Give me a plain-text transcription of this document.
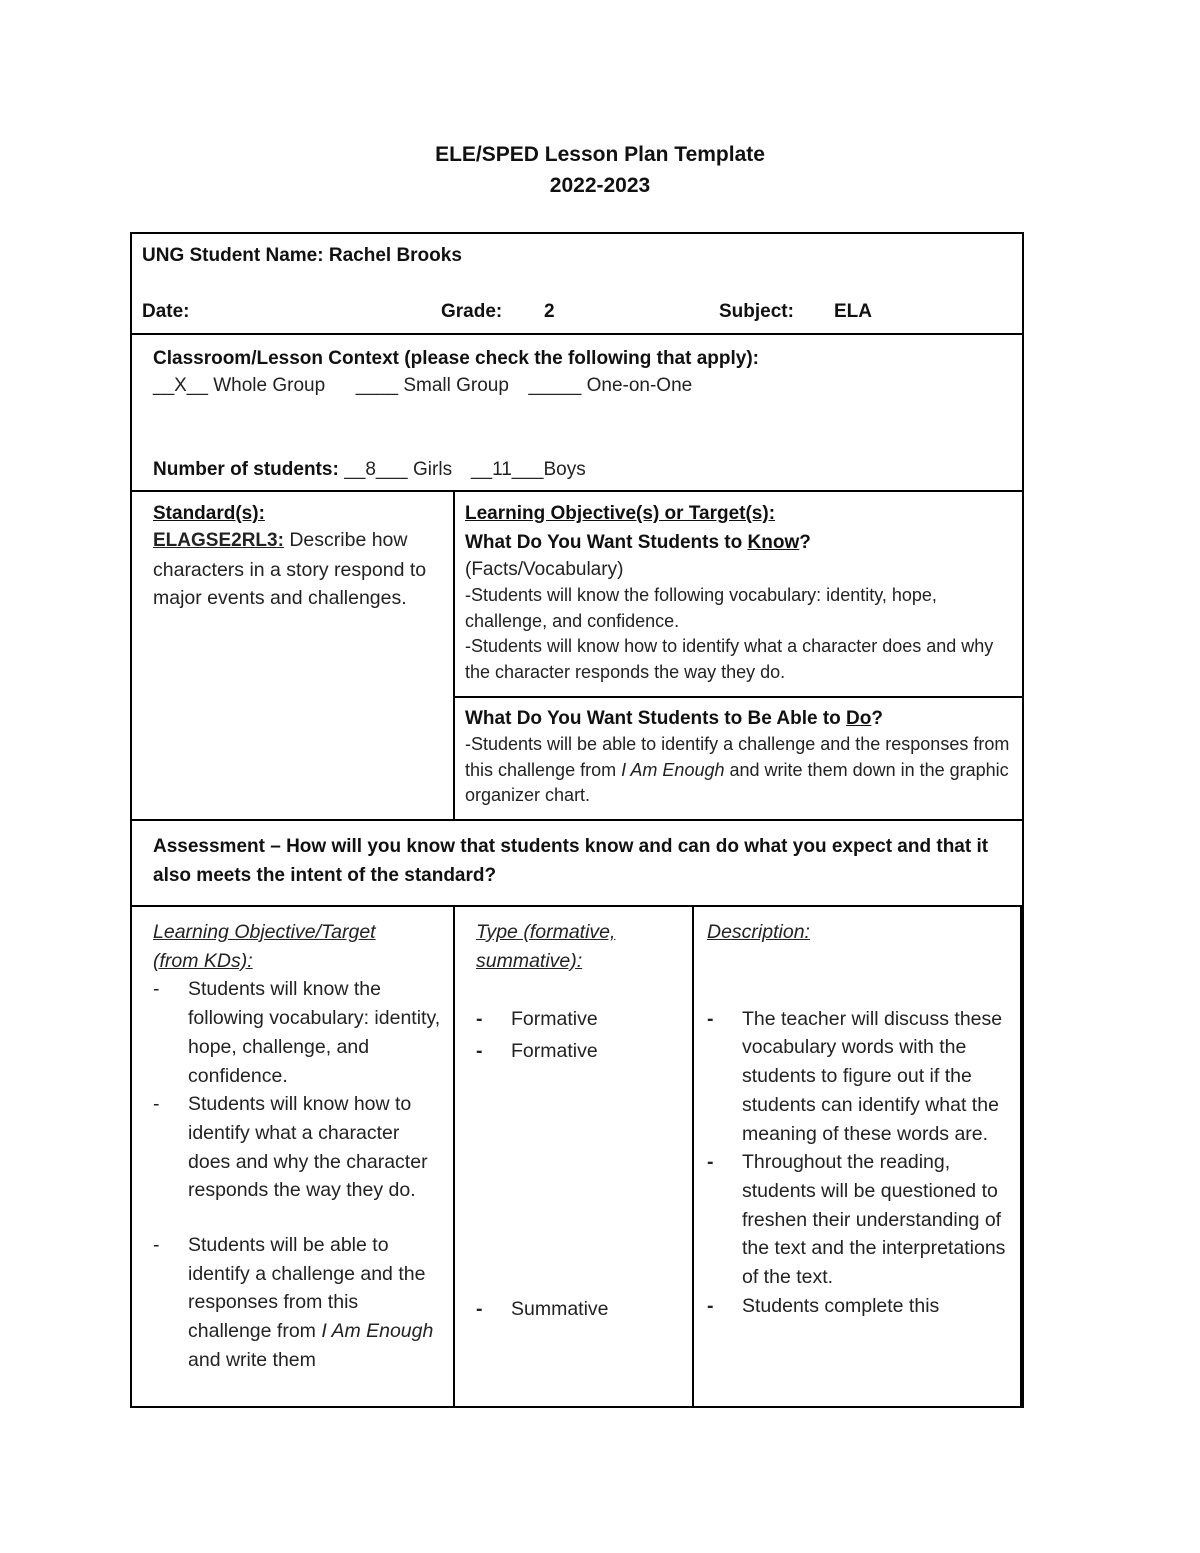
ELE/SPED Lesson Plan Template
2022-2023
UNG Student Name: Rachel Brooks
Date:	Grade: 2	Subject: ELA
Classroom/Lesson Context (please check the following that apply):
__X__ Whole Group ____ Small Group _____ One-on-One
Number of students: __8___ Girls __11___Boys
Standard(s):
ELAGSE2RL3: Describe how characters in a story respond to major events and challenges.
Learning Objective(s) or Target(s):
What Do You Want Students to Know?
(Facts/Vocabulary)
-Students will know the following vocabulary: identity, hope, challenge, and confidence.
-Students will know how to identify what a character does and why the character responds the way they do.
What Do You Want Students to Be Able to Do?
-Students will be able to identify a challenge and the responses from this challenge from I Am Enough and write them down in the graphic organizer chart.
Assessment – How will you know that students know and can do what you expect and that it also meets the intent of the standard?
Learning Objective/Target (from KDs):
- Students will know the following vocabulary: identity, hope, challenge, and confidence.
- Students will know how to identify what a character does and why the character responds the way they do.
- Students will be able to identify a challenge and the responses from this challenge from I Am Enough and write them
Type (formative, summative):
- Formative
- Formative
- Summative
Description:
- The teacher will discuss these vocabulary words with the students to figure out if the students can identify what the meaning of these words are.
- Throughout the reading, students will be questioned to freshen their understanding of the text and the interpretations of the text.
- Students complete this
